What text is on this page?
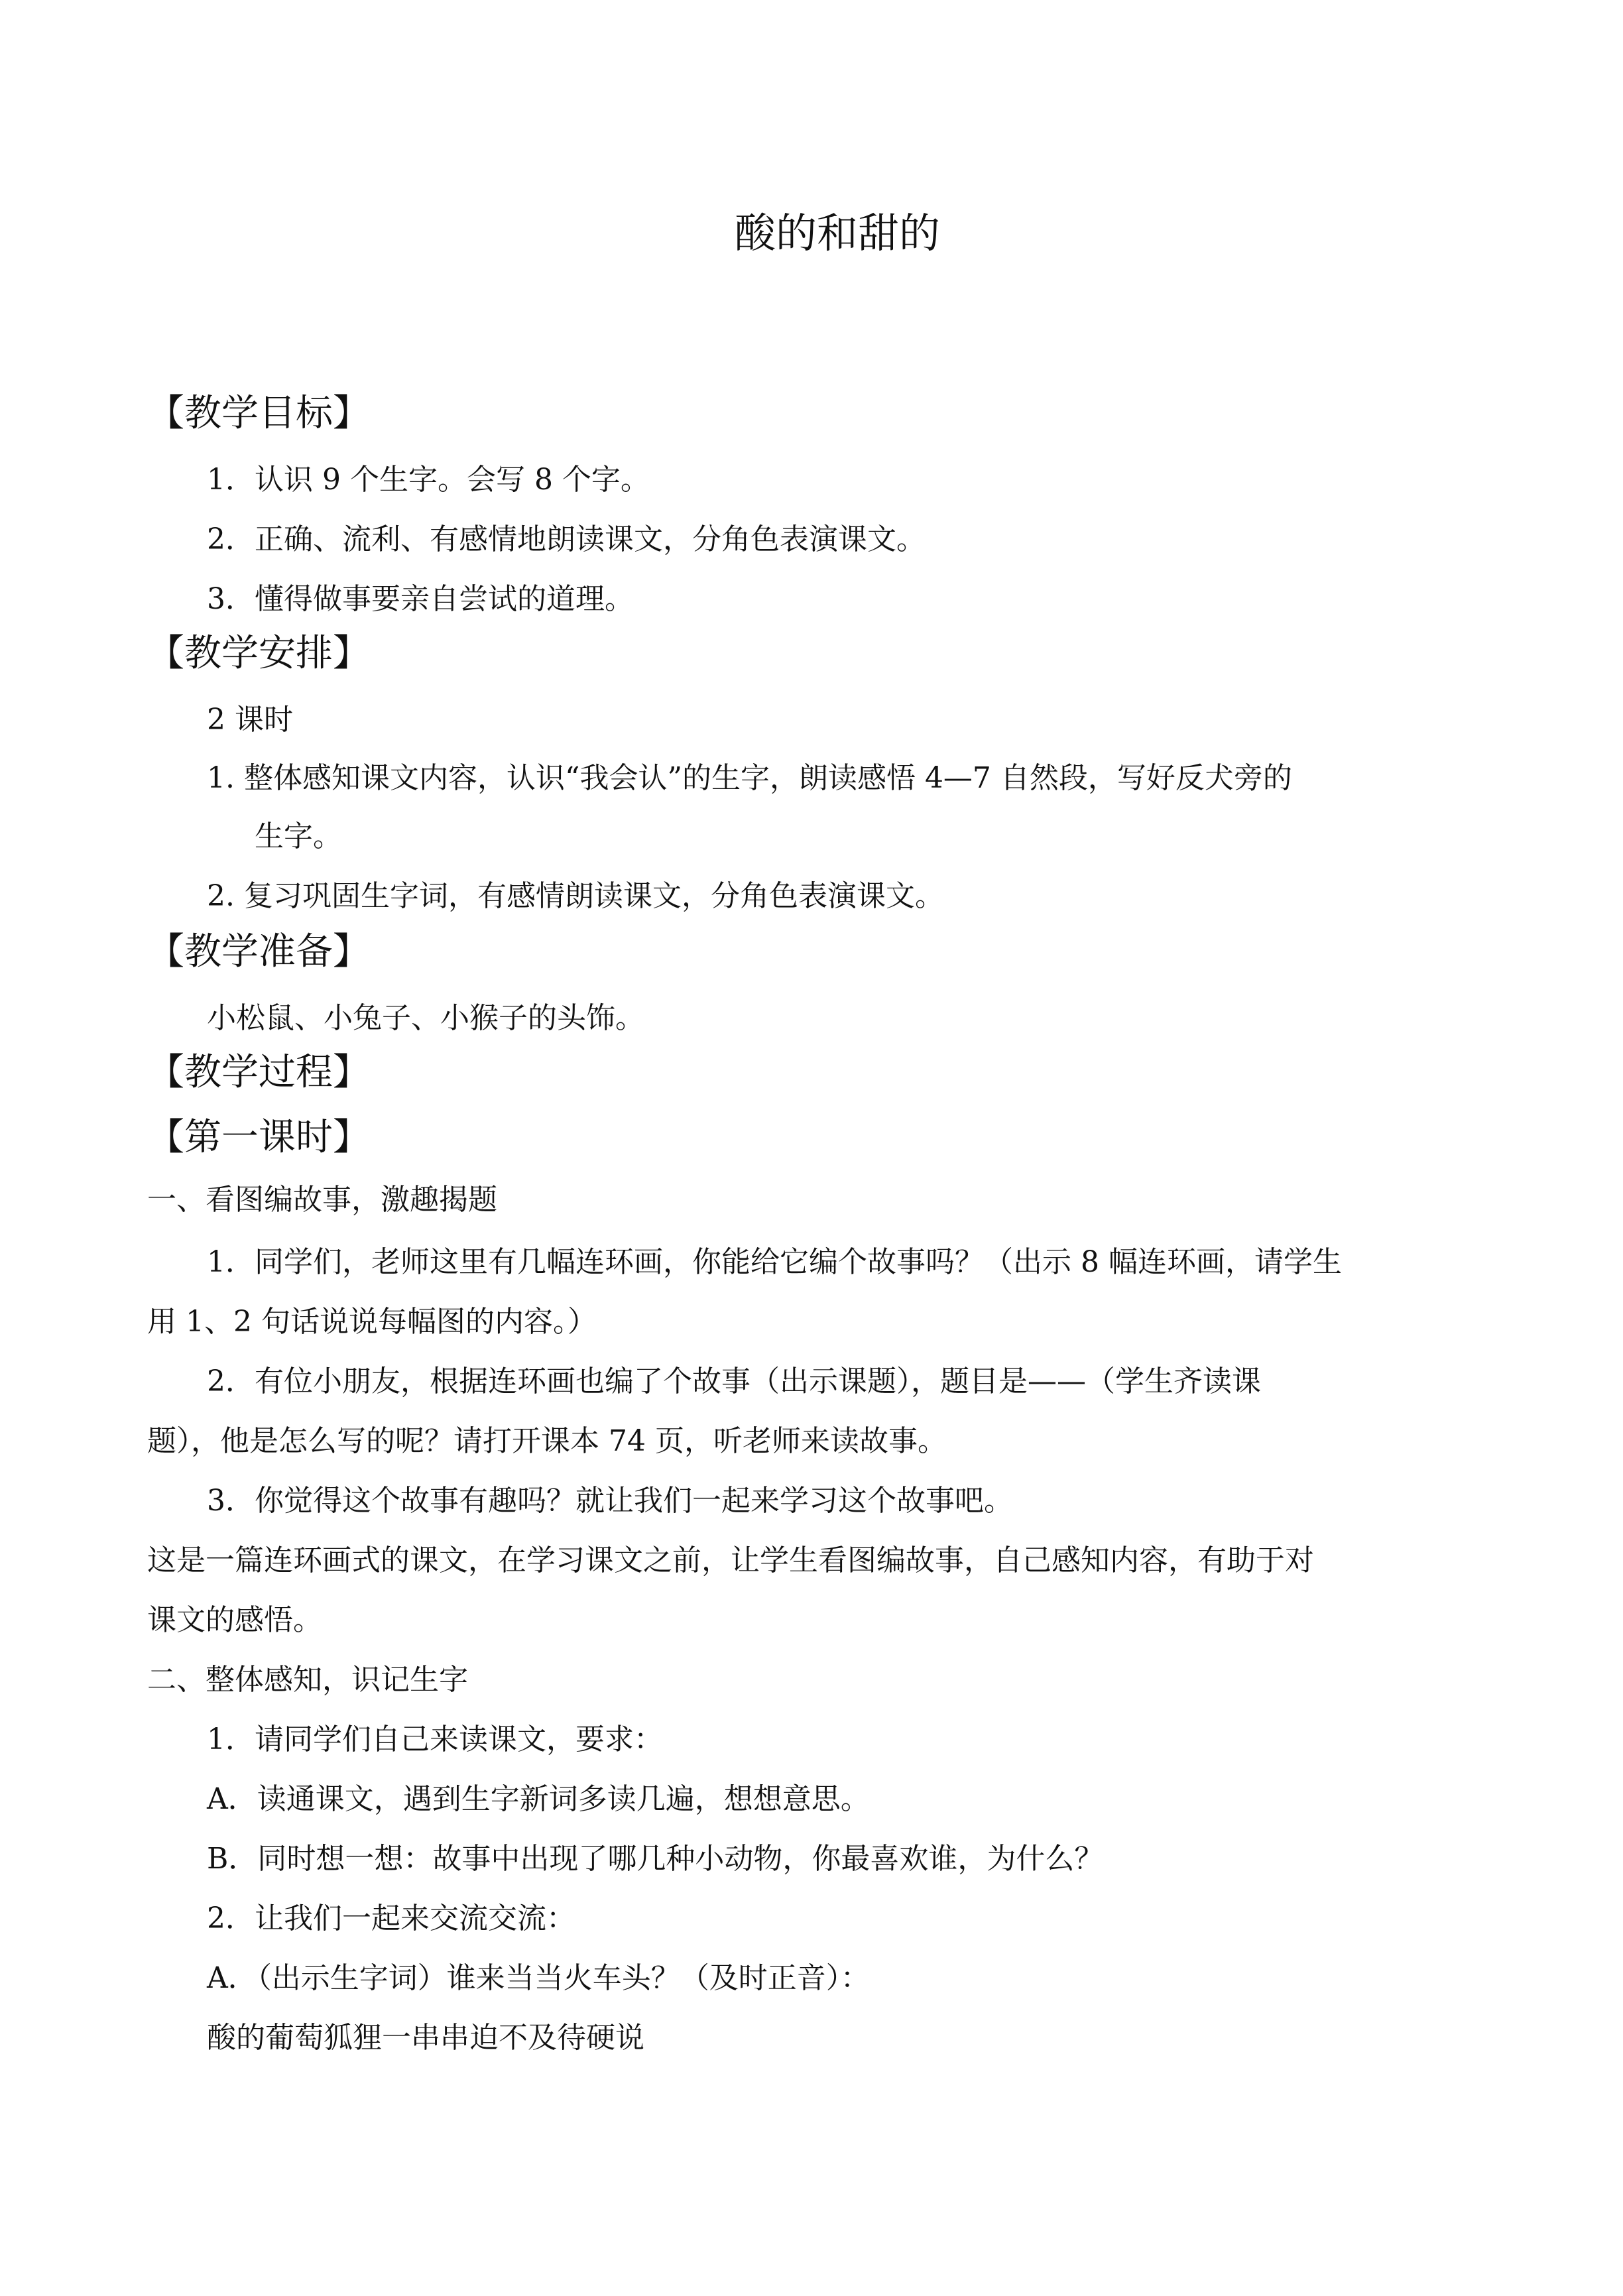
酸的和甜的
【教学目标】
1．认识 9 个生字。会写 8 个字。
2．正确、流利、有感情地朗读课文，分角色表演课文。
3．懂得做事要亲自尝试的道理。
【教学安排】
2 课时
1. 整体感知课文内容，认识“我会认”的生字，朗读感悟 4—7 自然段，写好反犬旁的
生字。
2. 复习巩固生字词，有感情朗读课文，分角色表演课文。
【教学准备】
小松鼠、小兔子、小猴子的头饰。
【教学过程】
【第一课时】
一、看图编故事，激趣揭题
1．同学们，老师这里有几幅连环画，你能给它编个故事吗？（出示 8 幅连环画，请学生
用 1、2 句话说说每幅图的内容。）
2．有位小朋友，根据连环画也编了个故事（出示课题），题目是——（学生齐读课
题），他是怎么写的呢？请打开课本 74 页，听老师来读故事。
3．你觉得这个故事有趣吗？就让我们一起来学习这个故事吧。
这是一篇连环画式的课文，在学习课文之前，让学生看图编故事，自己感知内容，有助于对
课文的感悟。
二、整体感知，识记生字
1．请同学们自己来读课文，要求：
A．读通课文，遇到生字新词多读几遍，想想意思。
B．同时想一想：故事中出现了哪几种小动物，你最喜欢谁，为什么？
2．让我们一起来交流交流：
A．（出示生字词）谁来当当火车头？（及时正音）：
酸的葡萄狐狸一串串迫不及待硬说
